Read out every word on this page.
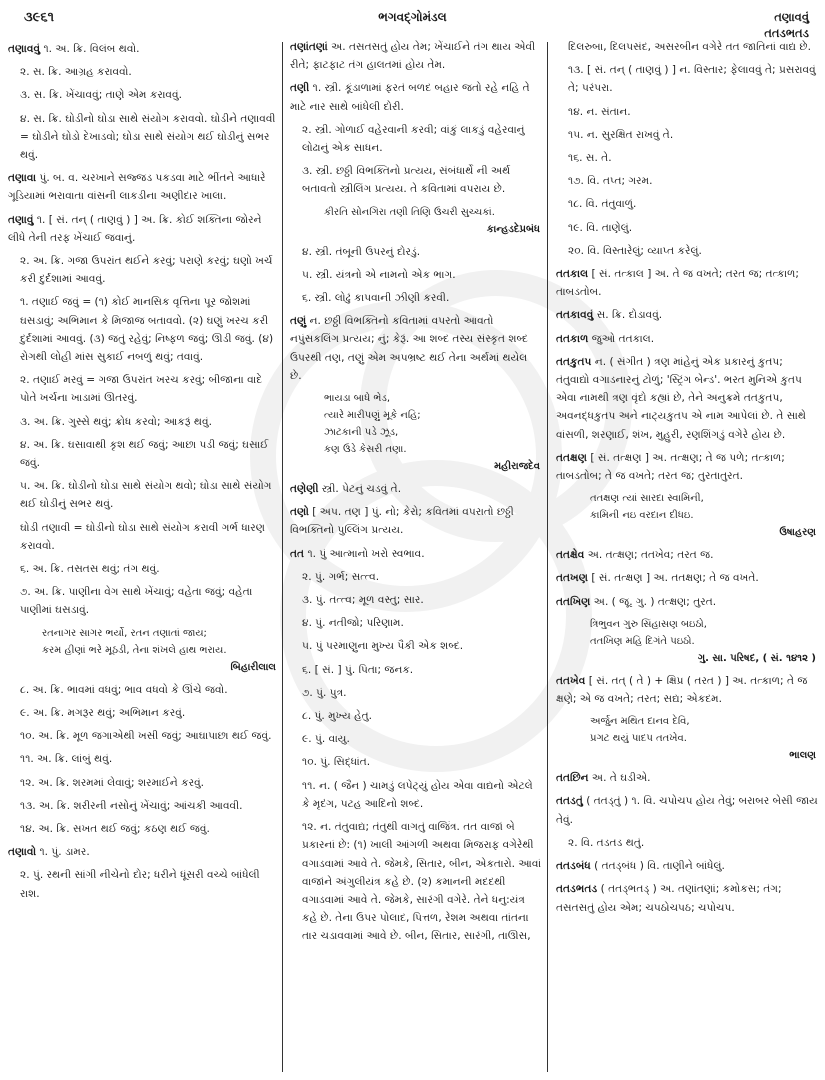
૩૯૬૧	ભગવદ્ગોમંડલ	તણાવવું
તતડભતડ
તણાવવું ૧. અ. ક્રિ. વિલંબ થવો.
૨. સ. ક્રિ. આગ્રહ કરાવવો.
૩. સ. ક્રિ. ખેંચાવવું; તાણે એમ કરાવવું.
૪. સ. ક્રિ. ઘોડીનો ઘોડા સાથે સંયોગ કરાવવો. ઘોડીને તણાવવી = ઘોડીને ઘોડો દેખાડવો; ઘોડા સાથે સંયોગ થઈ ઘોડીનું સભર થવું.
તણાવા પું. બ. વ. ચરખાને સજ્જડ પકડવા માટે ભીંતને આધારે ગૂડિયામાં ભરાવાતા વાંસની લાકડીના અણીદાર ખાલા.
તણાવું ૧. [ સં. તન્ ( તાણવું ) ] અ. ક્રિ. કોઈ શક્તિના જોરને લીધે તેની તરફ ખેંચાઈ જવાનું.
૨. અ. ક્રિ. ગજા ઉપરાંત થઈને કરવું; પરાણે કરવું; ઘણો ખર્ચ કરી દુર્દશામાં આવવું.
૧. તણાઈ જવું = (૧) કોઈ માનસિક વૃત્તિના પૂર જોશમાં ઘસડાવું; અભિમાન કે મિજાજ બતાવવો. (૨) ઘણું ખરચ કરી દુર્દશામાં આવવું. (૩) જતું રહેવું; નિષ્ફળ જવું; ઊડી જવું. (૪) રોગથી લોહી માંસ સુકાઈ નબળું થવું; તવાવું.
૨. તણાઈ મરવું = ગજા ઉપરાંત ખરચ કરવું; બીજાના વાદે પોતે ખર્ચના ખાડામાં ઊતરવું.
૩. અ. ક્રિ. ગુસ્સે થવું; ક્રોધ કરવો; આકરૂં થવું.
૪. અ. ક્રિ. ઘસાવાથી કૃશ થઈ જવું; આછા પડી જવું; ઘસાઈ જવું.
૫. અ. ક્રિ. ઘોડીનો ઘોડા સાથે સંયોગ થવો; ઘોડા સાથે સંયોગ થઈ ઘોડીનું સભર થવું.
ઘોડી તણાવી = ઘોડીનો ઘોડા સાથે સંયોગ કરાવી ગર્ભ ધારણ કરાવવો.
૬. અ. ક્રિ. તસતસ થવું; તંગ થવું.
૭. અ. ક્રિ. પાણીના વેગ સાથે ખેંચાવું; વહેતા જવું; વહેતા પાણીમાં ઘસડાવું.
રતનાગર સાગર ભર્યો, રતન તણાતાં જાય;
કરમ હીણાં ભરે મૂઠડી, તેના શંખલે હાથ ભરાય.
બિહારીલાલ
૮. અ. ક્રિ. ભાવમાં વધવું; ભાવ વધવો કે ઊંચે જવો.
૯. અ. ક્રિ. મગરૂર થવું; અભિમાન કરવું.
૧૦. અ. ક્રિ. મૂળ જગાએથી ખસી જવું; આઘાપાછા થઈ જવું.
૧૧. અ. ક્રિ. લાંબું થવું.
૧૨. અ. ક્રિ. શરમમાં લેવાવું; શરમાઈને કરવું.
૧૩. અ. ક્રિ. શરીરની નસોનું ખેંચાવું; આંચકી આવવી.
૧૪. અ. ક્રિ. સખત થઈ જવું; કઠણ થઈ જવું.
તણાવો ૧. પું. ડામર.
૨. પું. રથની સાંગી નીચેનો દોર; ધરીને ધૂંસરી વચ્ચે બાંધેલી રાશ.
તણાંતણાં અ. તસતસતું હોય તેમ; ખેંચાઈને તંગ થાય એવી રીતે; ફાટફાટ તંગ હાલતમાં હોય તેમ.
તણી ૧. સ્ત્રી. કૂંડાળામાં ફરતં બળદ બહાર જતો રહે નહિ તે માટે નાર સાથે બાંધેલી દોરી.
૨. સ્ત્રી. ગોળાઈ વહેરવાની કરવી; વાંકું લાકડું વહેરવાનું લોઢાનું એક સાધન.
૩. સ્ત્રી. છઠ્ઠી વિભક્તિનો પ્રત્યય, સંબંધાર્થે ની અર્થ બતાવતો સ્ત્રીલિંગ પ્રત્યય. તે કવિતામાં વપરાય છે.
કીરતિ સોનગિરા તણી તિણિ ઉચરી સુચ્ચકાં.
કાન્હડદેપ્રબંધ
૪. સ્ત્રી. તંબૂની ઉપરનું દોરડું.
૫. સ્ત્રી. યંત્રનો એ નામનો એક ભાગ.
૬. સ્ત્રી. લોઢું કાપવાની ઝીણી કરવી.
તણું ન. છઠ્ઠી વિભક્તિનો કવિતામાં વપરતો આવતો નપુંસકલિંગ પ્રત્યય; નું; કેરૂં. આ શબ્દ તસ્ય સંસ્કૃત શબ્દ ઉપરથી તણ, તણું એમ અપભ્રષ્ટ થઈ તેના અર્થમાં થયેલ છે.
ભાયડા બાધે ભેડ,
ત્યારે મારીપણું મૂકે નહિ;
ઝાટકાની પડે ઝૂડ,
કણ ઉડે કેસરી તણા.
મહીરાજદેવ
તણેણી સ્ત્રી. પેટનું ચડવું તે.
તણો [ અપ. તણ ] પું. નો; કેરો; કવિતમાં વપરાતો છઠ્ઠી વિભક્તિનો પુલ્લિંગ પ્રત્યય.
તત ૧. પું આત્માનો ખરો સ્વભાવ.
૨. પું. ગર્ભ; સત્ત્વ.
૩. પું. તત્ત્વ; મૂળ વસ્તુ; સાર.
૪. પું. નતીજો; પરિણામ.
૫. પું પરમાણુના મુખ્ય પૈકી એક શબ્દ.
૬. [ સં. ] પું. પિતા; જનક.
૭. પું. પુત્ર.
૮. પું. મુખ્ય હેતુ.
૯. પું. વાયુ.
૧૦. પું. સિદ્ધાંત.
૧૧. ન. ( જૈન ) ચામડું લપેટ્યું હોય એવા વાદ્યનો એટલે કે મૃદંગ, પટહ આદિનો શબ્દ.
૧૨. ન. તંતુવાદ્ય; તંતુથી વાગતું વાજિંત્ર. તત વાજાં બે પ્રકારનાં છે: (૧) ખાલી આંગળી અથવા મિજરાફ વગેરેથી વગાડવામાં આવે તે. જેમકે, સિતાર, બીન, એકતારો. આવાં વાજાંને અંગુલીયંત્ર કહે છે. (૨) કમાનની મદદથી વગાડવામાં આવે તે. જેમકે, સારંગી વગેરે. તેને ધનુ:યંત્ર કહે છે. તેના ઉપર પોલાદ, પિત્તળ, રેશમ અથવા તાંતના તાર ચડાવવામાં આવે છે. બીન, સિતાર, સારંગી, તાઊસ,
દિલરુબા, દિલપસંદ, અસરબીન વગેરે તત જાતિનાં વાદ્ય છે.
૧૩. [ સં. તન્ ( તાણવું ) ] ન. વિસ્તાર; ફેલાવવું તે; પ્રસરાવવું તે; પરંપરા.
૧૪. ન. સંતાન.
૧૫. ન. સુરક્ષિત રાખવું તે.
૧૬. સ. તે.
૧૭. વિ. તપ્ત; ગરમ.
૧૮. વિ. તંતુવાળું.
૧૯. વિ. તાણેલું.
૨૦. વિ. વિસ્તારેલું; વ્યાપ્ત કરેલું.
તતકાલ [ સં. તત્કાલ ] અ. તે જ વખતે; તરત જ; તત્કાળ; તાબડતોબ.
તતકાવવું સ. ક્રિ. દોડાવવું.
તતકાળ જુઓ તતકાલ.
તતકુતપ ન. ( સંગીત ) ત્રણ માંહેનું એક પ્રકારનું કુતપ; તંતુવાદ્યો વગાડનારનું ટોળું; 'સ્ટ્રિંગ બેન્ડ'. ભરત મુનિએ કુતપ એવા નામથી ત્રણ વૃંદો કહ્યાં છે, તેને અનુક્રમે તતકુતપ, અવનદ્ધકુતપ અને નાટ્યકુતપ એ નામ આપેલાં છે. તે સાથે વાંસળી, શરણાઈ, શંખ, મુહુરી, રણશિંગડું વગેરે હોય છે.
તતક્ષણ [ સં. તત્ક્ષણ ] અ. તત્ક્ષણ; તે જ પળે; તત્કાળ; તાબડતોબ; તે જ વખતે; તરત જ; તુરતાતુરત.
તતક્ષણ ત્યાં સારદા સ્વામિની,
કામિની નઇ વરદાન દીધઇ.
ઉષાહરણ
તતક્ષેવ અ. તત્ક્ષણ; તતખેવ; તરત જ.
તતખણ [ સં. તત્ક્ષણ ] અ. તતક્ષણ; તે જ વખતે.
તતખિણ અ. ( જૂ. ગુ. ) તત્ક્ષણ; તુરત.
ત્રિભુવન ગુરુ સિંહાસણ બઇઠો,
તતખિણ મહિ દિગંતે પઇઠો.
ગુ. સા. પરિષદ, ( સં. ૧૪૧૨ )
તતખેવ [ સં. તત્ ( તે ) + ક્ષિપ્ર ( તરત ) ] અ. તત્કાળ; તે જ ક્ષણે; એ જ વખતે; તરત; સદ્ય; એકદમ.
અર્જુન મથિત દાનવ દેવિ,
પ્રગટ થયું પાદપ તતખેવ.
ભાલણ
તતછિન અ. તે ઘડીએ.
તતડતું ( તતડ્તું ) ૧. વિ. ચપોચપ હોય તેવું; બરાબર બેસી જાય તેવું.
૨. વિ. તડતડ થતું.
તતડબંધ ( તતડ્બંધ ) વિ. તાણીને બાંધેલું.
તતડભતડ ( તતડ્ભતડ્ ) અ. તણાંતણાં; કમોકસ; તંગ; તસતસતું હોય એમ; ચપઠોચપઠ; ચપોચપ.
